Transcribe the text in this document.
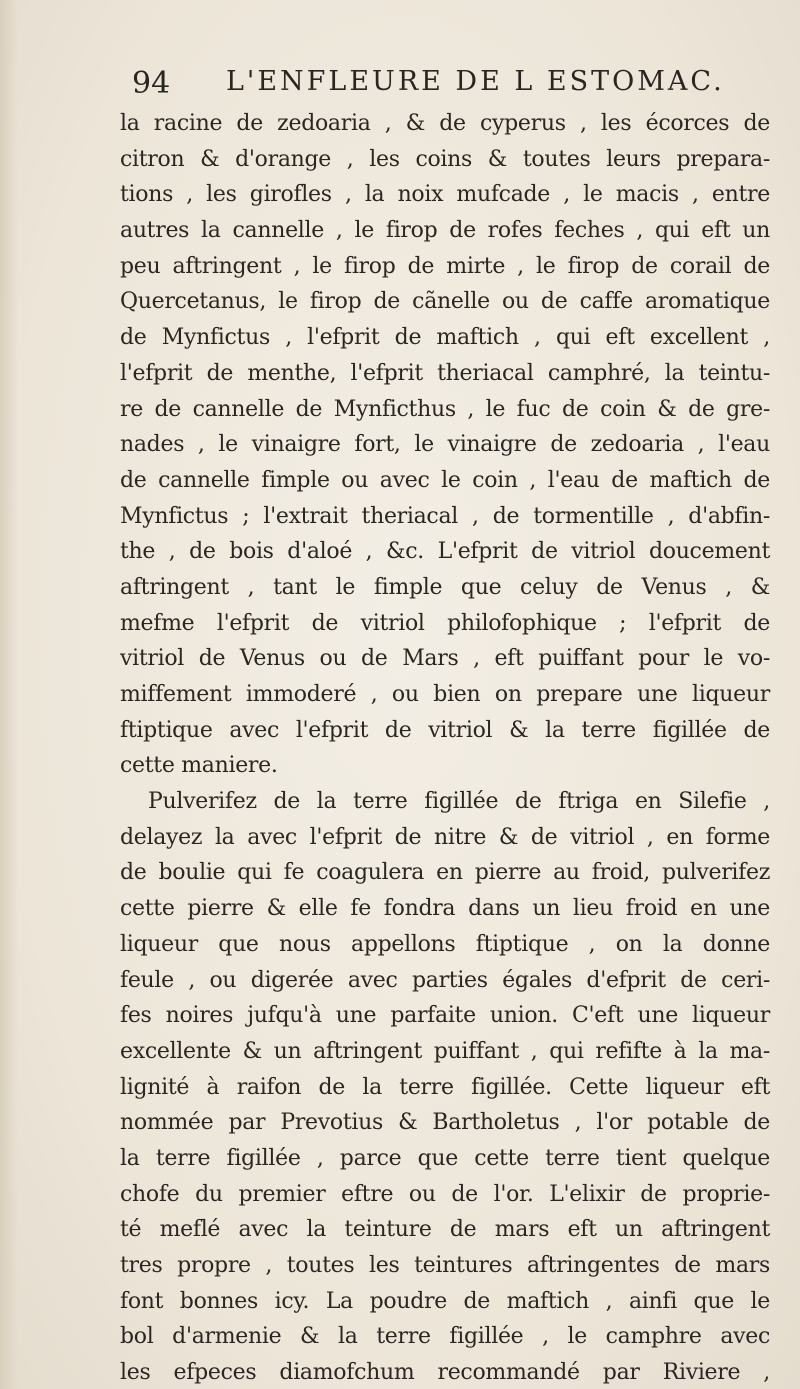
94 L'ENFLEURE DE L ESTOMAC.
la racine de zedoaria , & de cyperus , les écorces de
citron & d'orange , les coins & toutes leurs prepara-
tions , les girofles , la noix mufcade , le macis , entre
autres la cannelle , le firop de rofes feches , qui eft un
peu aftringent , le firop de mirte , le firop de corail de
Quercetanus, le firop de cãnelle ou de caffe aromatique
de Mynfictus , l'efprit de maftich , qui eft excellent ,
l'efprit de menthe, l'efprit theriacal camphré, la teintu-
re de cannelle de Mynficthus , le fuc de coin & de gre-
nades , le vinaigre fort, le vinaigre de zedoaria , l'eau
de cannelle fimple ou avec le coin , l'eau de maftich de
Mynfictus ; l'extrait theriacal , de tormentille , d'abfin-
the , de bois d'aloé , &c. L'efprit de vitriol doucement
aftringent , tant le fimple que celuy de Venus , &
mefme l'efprit de vitriol philofophique ; l'efprit de
vitriol de Venus ou de Mars , eft puiffant pour le vo-
miffement immoderé , ou bien on prepare une liqueur
ftiptique avec l'efprit de vitriol & la terre figillée de
cette maniere.
Pulverifez de la terre figillée de ftriga en Silefie ,
delayez la avec l'efprit de nitre & de vitriol , en forme
de boulie qui fe coagulera en pierre au froid, pulverifez
cette pierre & elle fe fondra dans un lieu froid en une
liqueur que nous appellons ftiptique , on la donne
feule , ou digerée avec parties égales d'efprit de ceri-
fes noires jufqu'à une parfaite union. C'eft une liqueur
excellente & un aftringent puiffant , qui refifte à la ma-
lignité à raifon de la terre figillée. Cette liqueur eft
nommée par Prevotius & Bartholetus , l'or potable de
la terre figillée , parce que cette terre tient quelque
chofe du premier eftre ou de l'or. L'elixir de proprie-
té meflé avec la teinture de mars eft un aftringent
tres propre , toutes les teintures aftringentes de mars
font bonnes icy. La poudre de maftich , ainfi que le
bol d'armenie & la terre figillée , le camphre avec
les efpeces diamofchum recommandé par Riviere ,
